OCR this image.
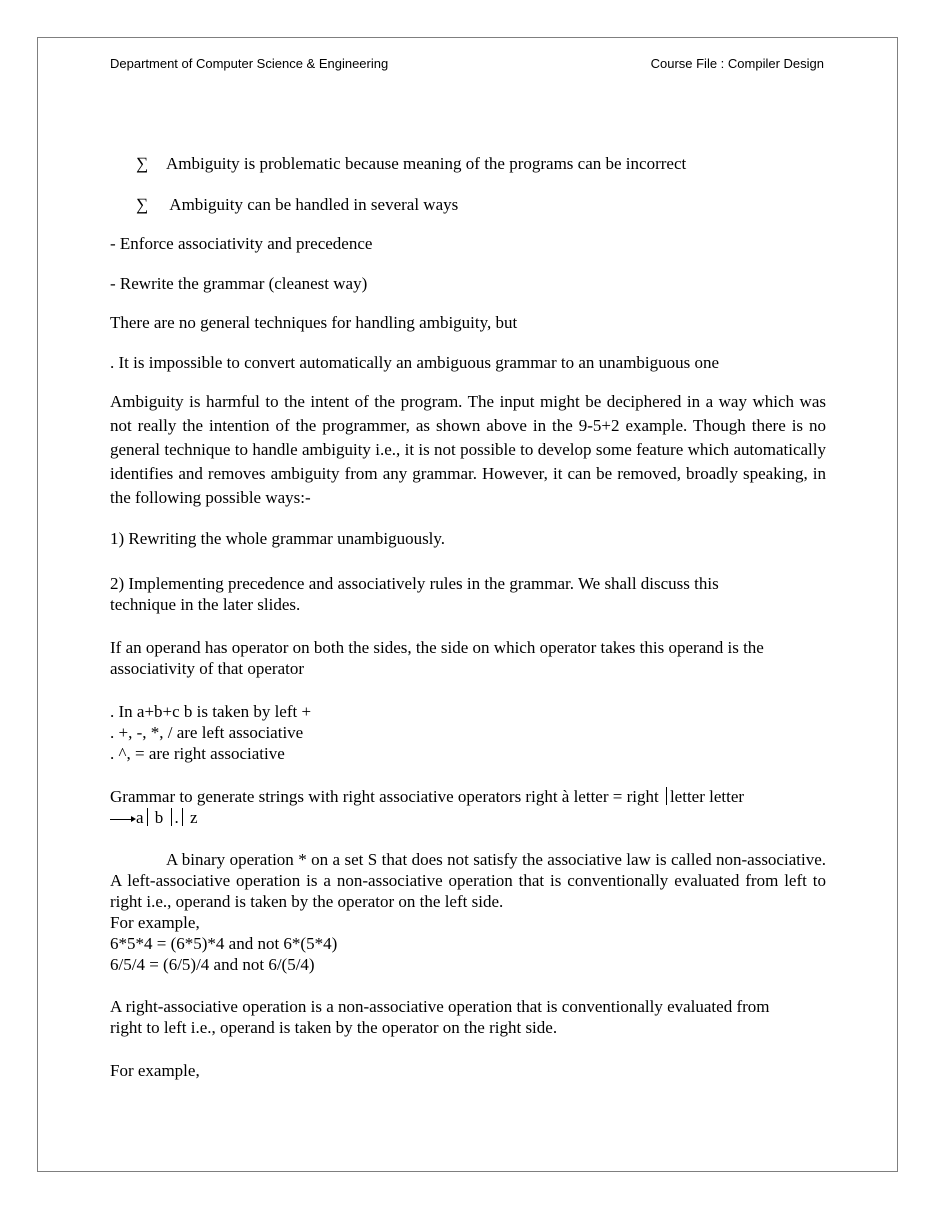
Department of Computer Science & Engineering	Course File : Compiler Design
∑ Ambiguity is problematic because meaning of the programs can be incorrect
∑ Ambiguity can be handled in several ways
- Enforce associativity and precedence
- Rewrite the grammar (cleanest way)
There are no general techniques for handling ambiguity, but
. It is impossible to convert automatically an ambiguous grammar to an unambiguous one
Ambiguity is harmful to the intent of the program. The input might be deciphered in a way which was not really the intention of the programmer, as shown above in the 9-5+2 example. Though there is no general technique to handle ambiguity i.e., it is not possible to develop some feature which automatically identifies and removes ambiguity from any grammar. However, it can be removed, broadly speaking, in the following possible ways:-
1) Rewriting the whole grammar unambiguously.
2) Implementing precedence and associatively rules in the grammar. We shall discuss this
technique in the later slides.
If an operand has operator on both the sides, the side on which operator takes this operand is the
associativity of that operator
. In a+b+c b is taken by left +
. +, -, *, / are left associative
. ^, = are right associative
Grammar to generate strings with right associative operators right à letter = right letter letter
a b . z
A binary operation * on a set S that does not satisfy the associative law is called non-associative. A left-associative operation is a non-associative operation that is conventionally evaluated from left to right i.e., operand is taken by the operator on the left side.
For example,
6*5*4 = (6*5)*4 and not 6*(5*4)
6/5/4 = (6/5)/4 and not 6/(5/4)
A right-associative operation is a non-associative operation that is conventionally evaluated from
right to left i.e., operand is taken by the operator on the right side.
For example,
